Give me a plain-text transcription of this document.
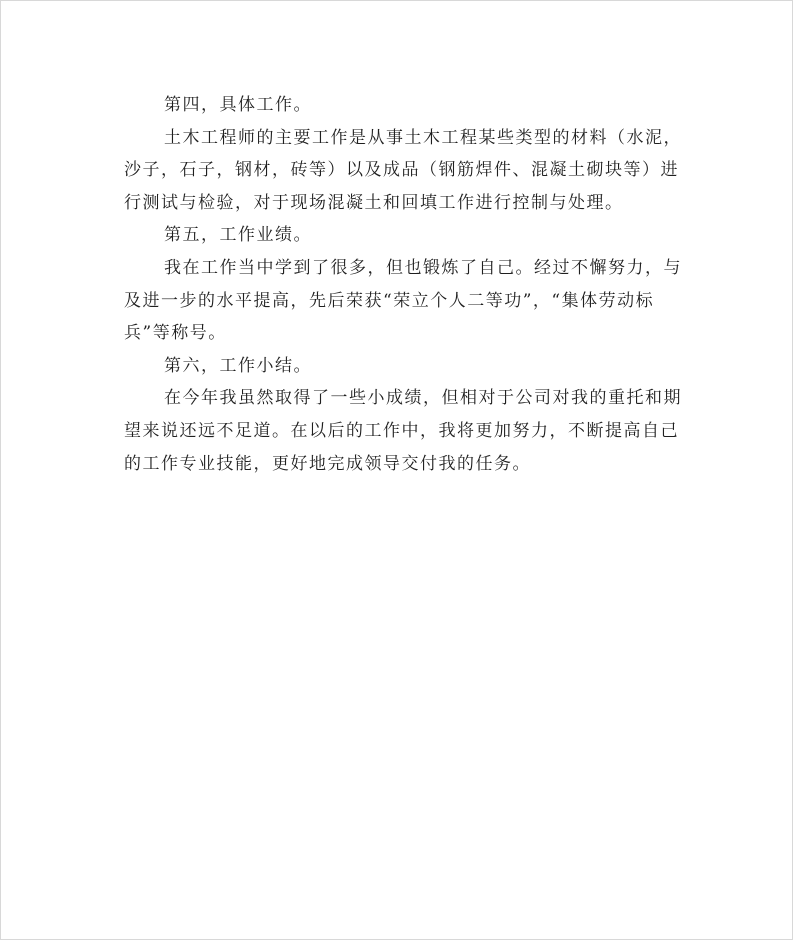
第四，具体工作。
土木工程师的主要工作是从事土木工程某些类型的材料（水泥，
沙子，石子，钢材，砖等）以及成品（钢筋焊件、混凝土砌块等）进
行测试与检验，对于现场混凝土和回填工作进行控制与处理。
第五，工作业绩。
我在工作当中学到了很多，但也锻炼了自己。经过不懈努力，与
及进一步的水平提高，先后荣获“荣立个人二等功”，“集体劳动标
兵”等称号。
第六，工作小结。
在今年我虽然取得了一些小成绩，但相对于公司对我的重托和期
望来说还远不足道。在以后的工作中，我将更加努力，不断提高自己
的工作专业技能，更好地完成领导交付我的任务。
